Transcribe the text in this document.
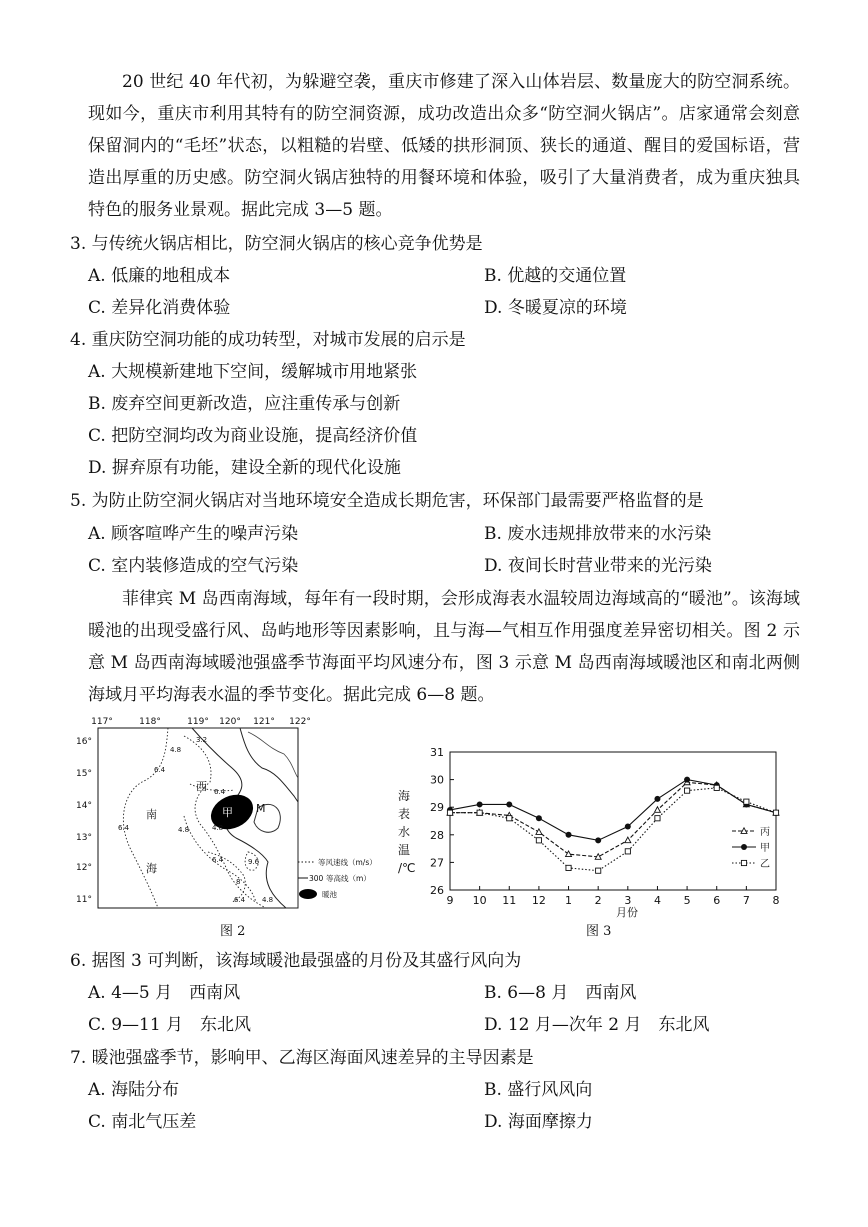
20 世纪 40 年代初，为躲避空袭，重庆市修建了深入山体岩层、数量庞大的防空洞系统。现如今，重庆市利用其特有的防空洞资源，成功改造出众多“防空洞火锅店”。店家通常会刻意保留洞内的“毛坯”状态，以粗糙的岩壁、低矮的拱形洞顶、狭长的通道、醒目的爱国标语，营造出厚重的历史感。防空洞火锅店独特的用餐环境和体验，吸引了大量消费者，成为重庆独具特色的服务业景观。据此完成 3—5 题。
3. 与传统火锅店相比，防空洞火锅店的核心竞争优势是
A. 低廉的地租成本	B. 优越的交通位置
C. 差异化消费体验	D. 冬暖夏凉的环境
4. 重庆防空洞功能的成功转型，对城市发展的启示是
A. 大规模新建地下空间，缓解城市用地紧张
B. 废弃空间更新改造，应注重传承与创新
C. 把防空洞均改为商业设施，提高经济价值
D. 摒弃原有功能，建设全新的现代化设施
5. 为防止防空洞火锅店对当地环境安全造成长期危害，环保部门最需要严格监督的是
A. 顾客喧哗产生的噪声污染	B. 废水违规排放带来的水污染
C. 室内装修造成的空气污染	D. 夜间长时营业带来的光污染
菲律宾 M 岛西南海域，每年有一段时期，会形成海表水温较周边海域高的“暖池”。该海域暖池的出现受盛行风、岛屿地形等因素影响，且与海—气相互作用强度差异密切相关。图 2 示意 M 岛西南海域暖池强盛季节海面平均风速分布，图 3 示意 M 岛西南海域暖池区和南北两侧海域月平均海表水温的季节变化。据此完成 6—8 题。
117°	118°	119° 120° 121° 122°
16°
15°
14°
13°
12°
11°
西
南
海
甲 M
3.2
4.8
6.4
6.4
4.8
6.4	4.8
6.4	9.6
8
6.4 4.8
等风速线（m/s）
300 等高线（m）
暖池
图 2
26
27
28
29
30
31
9 10 11 12 1 2 3 4 5 6 7 8
海
表
水
温
/℃
月份
丙
甲
乙
图 3
6. 据图 3 可判断，该海域暖池最强盛的月份及其盛行风向为
A. 4—5 月　西南风	B. 6—8 月　西南风
C. 9—11 月　东北风	D. 12 月—次年 2 月　东北风
7. 暖池强盛季节，影响甲、乙海区海面风速差异的主导因素是
A. 海陆分布	B. 盛行风风向
C. 南北气压差	D. 海面摩擦力
